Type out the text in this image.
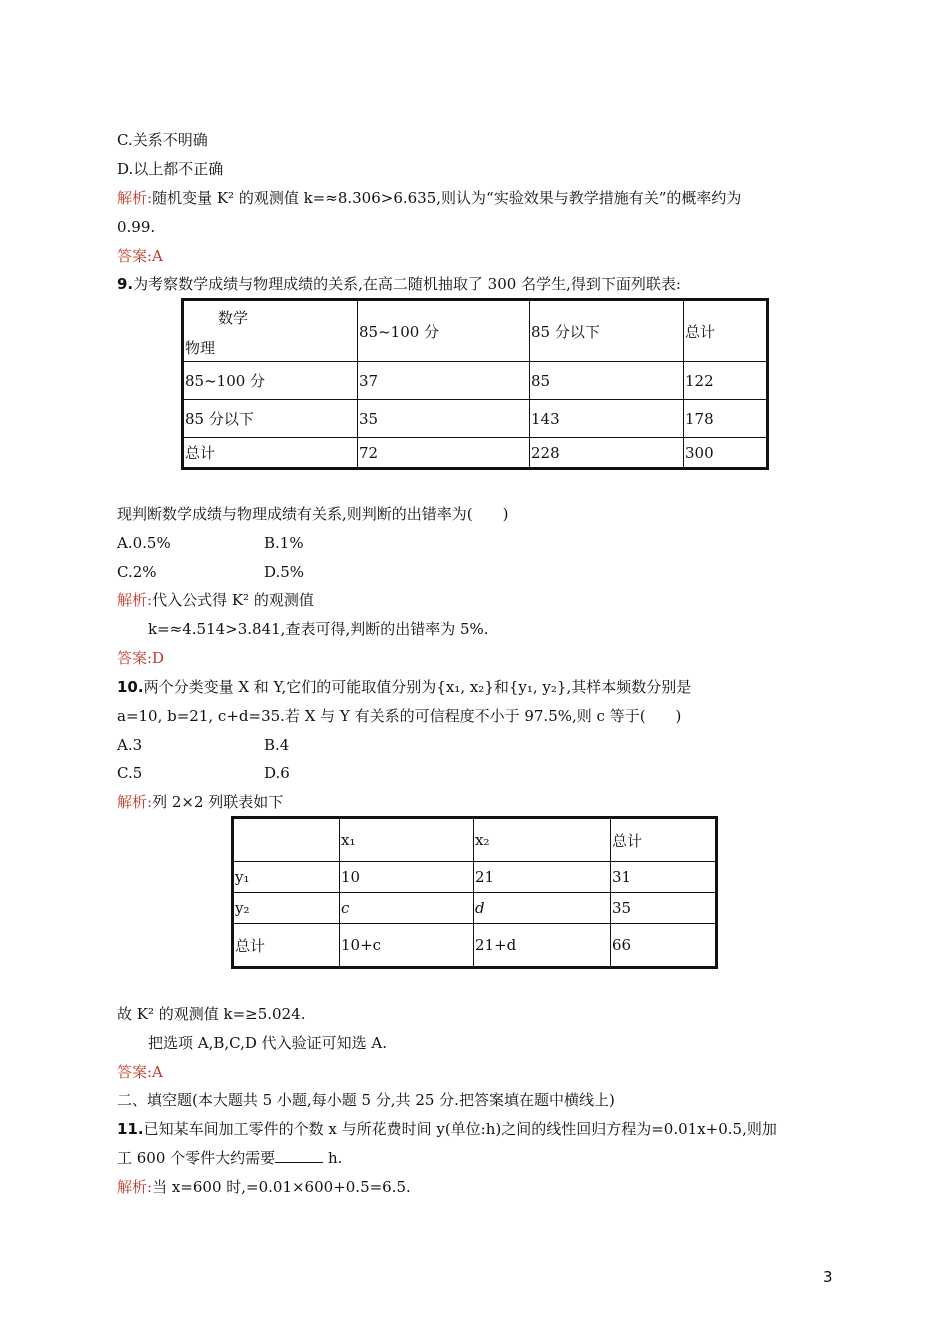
C.关系不明确
D.以上都不正确
解析:随机变量 K² 的观测值 k=≈8.306>6.635,则认为“实验效果与教学措施有关”的概率约为
0.99.
答案:A
9.为考察数学成绩与物理成绩的关系,在高二随机抽取了 300 名学生,得到下面列联表:
数学
物理	85~100 分	85 分以下	总计
85~100 分	37	85	122
85 分以下	35	143	178
总计	72	228	300
现判断数学成绩与物理成绩有关系,则判断的出错率为(　　)
A.0.5%	B.1%
C.2%	D.5%
解析:代入公式得 K² 的观测值
k=≈4.514>3.841,查表可得,判断的出错率为 5%.
答案:D
10.两个分类变量 X 和 Y,它们的可能取值分别为{x₁, x₂}和{y₁, y₂},其样本频数分别是
a=10, b=21, c+d=35.若 X 与 Y 有关系的可信程度不小于 97.5%,则 c 等于(　　)
A.3	B.4
C.5	D.6
解析:列 2×2 列联表如下
	x₁	x₂	总计
y₁	10	21	31
y₂	c	d	35
总计	10+c	21+d	66
故 K² 的观测值 k=≥5.024.
把选项 A,B,C,D 代入验证可知选 A.
答案:A
二、填空题(本大题共 5 小题,每小题 5 分,共 25 分.把答案填在题中横线上)
11.已知某车间加工零件的个数 x 与所花费时间 y(单位:h)之间的线性回归方程为=0.01x+0.5,则加
工 600 个零件大约需要	h.
解析:当 x=600 时,=0.01×600+0.5=6.5.
3
